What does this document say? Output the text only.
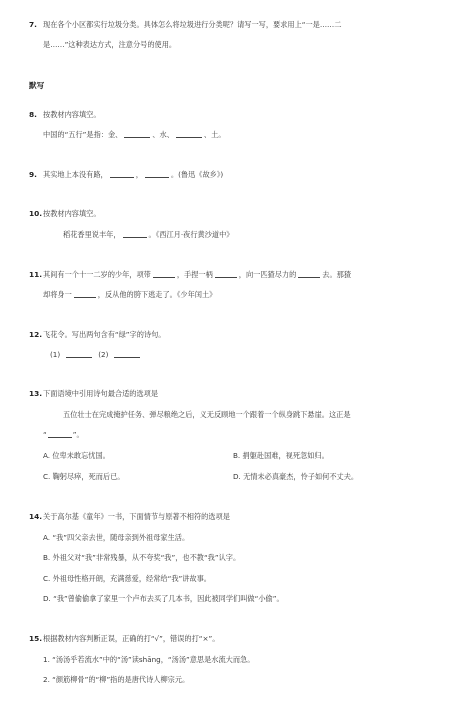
7. 现在各个小区都实行垃圾分类。具体怎么将垃圾进行分类呢？请写一写，要求用上“一是……二
是……”这种表达方式，注意分号的使用。
默写
8. 按教材内容填空。
中国的“五行”是指：金、	、水、	、土。
9. 其实地上本没有路，	，	。(鲁迅《故乡》)
10. 按教材内容填空。
稻花香里说丰年，	。《西江月·夜行黄沙道中》
11. 其间有一个十一二岁的少年，项带	，手捏一柄	，向一匹猹尽力的	去。那猹
却将身一	，反从他的胯下逃走了。《少年闰土》
12. 飞花令。写出两句含有“绿”字的诗句。
(1)	(2)
13. 下面语境中引用诗句最合适的选项是
五位壮士在完成掩护任务、弹尽粮绝之后，义无反顾地一个跟着一个纵身跳下悬崖。这正是
“	”。
A. 位卑未敢忘忧国。	B. 捐躯赴国难，视死忽如归。
C. 鞠躬尽瘁，死而后已。	D. 无情未必真豪杰，怜子如何不丈夫。
14. 关于高尔基《童年》一书，下面情节与原著不相符的选项是
A. “我”四父亲去世，随母亲到外祖母家生活。
B. 外祖父对“我”非常残暴，从不夸奖“我”，也不教“我”认字。
C. 外祖母性格开朗，充满慈爱，经常给“我”讲故事。
D. “我”曾偷偷拿了家里一个卢布去买了几本书，因此被同学们叫做“小偷”。
15. 根据教材内容判断正误，正确的打“√”，错误的打“×”。
1. “汤汤乎若流水”中的“汤”读shāng，“汤汤”意思是水流大而急。
2. “颜筋柳骨”的“柳”指的是唐代诗人柳宗元。
